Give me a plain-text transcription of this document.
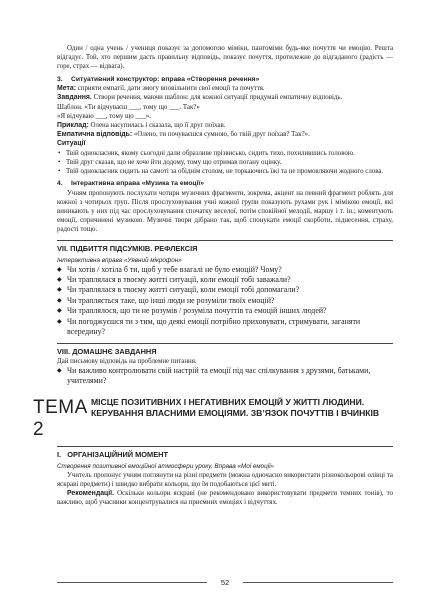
Один / одна учень / учениця показує за допомогою міміки, пантоміми будь-яке почуття чи емоцію. Решта відгадує. Той, хто першим дасть правильну відповідь, показує почуття, протилежне до відгаданого (радість — горе, страх — відвага).

3. Ситуативний конструктор: вправа «Створення речення»

Мета: сприяти емпатії, дати змогу вповільнити свої емоції та почуття.

Завдання. Створи речення, маючи шаблон: для кожної ситуації придумай емпатичну відповідь.

Шаблон. «Ти відчуваєш ___, тому що ___. Так?»

«Я відчуваю ___, тому що ___».

Приклад: Олена насупилась і сказала, що її друг поїхав.

Емпатична відповідь: «Олено, ти почуваєшся сумною, бо твій друг поїхав? Так?».

Ситуації

• Твій однокласник, якому сьогодні дали образливе прізвисько, сидить тихо, похилившись головою.
• Твій друг сказав, що не хоче йти додому, тому що отримав погану оцінку.
• Твій однокласник сидить на самоті за обіднім столом, не торкаючись їжі та не промовляючи жодного слова.
4. Інтерактивна вправа «Музика та емоції»

Учням пропонують послухати чотири музичних фрагменти, зокрема, акцент на певний фрагмент роблять для кожної з чотирьох груп. Після прослуховування учні кожної групи показують рухами рук і мімікою емоції, які виникають у них під час прослуховування спочатку веселої, потім спокійної мелодії, маршу і т. ін.; коментують емоції, спричинені музикою. Музичні твори дібрано так, щоб спонукати емоції скорботи, піднесення, страху, радості тощо.

VII. ПІДБИТТЯ ПІДСУМКІВ. РЕФЛЕКСІЯ
Інтерактивна вправа «Уявний мікрофон»
◆ Чи хотів / хотіла б ти, щоб у тебе взагалі не було емоцій? Чому?
◆ Чи траплялася в твоєму житті ситуації, коли емоції тобі заважали?
◆ Чи траплялася в твоєму житті ситуації, коли емоції тобі допомагали?
◆ Чи трапляється таке, що інші люди не розуміли твоїх емоцій?
◆ Чи траплялося, що ти не розумів / розуміла почуттів та емоцій інших людей?
◆ Чи погоджуєшся ти з тим, що деякі емоції потрібно приховувати, стримувати, заганяти всередину?
VIII. ДОМАШНЄ ЗАВДАННЯ

Дай письмову відповідь на проблемне питання.

◆ Чи важливо контролювати свій настрій та емоції під час спілкування з друзями, батьками, учителями?
ТЕМА 2
МІСЦЕ ПОЗИТИВНИХ І НЕГАТИВНИХ ЕМОЦІЙ У ЖИТТІ ЛЮДИНИ. КЕРУВАННЯ ВЛАСНИМИ ЕМОЦІЯМИ. ЗВ’ЯЗОК ПОЧУТТІВ І ВЧИНКІВ
I.   ОРГАНІЗАЦІЙНИЙ МОМЕНТ
Створення позитивної емоційної атмосфери уроку. Вправа «Мої емоції»

Учитель пропонує учням поглянути на різні предмети (можна одночасно використати різнокольорові олівці та яскраві предмети) і швидко вибрати кольори, що їм подобаються цієї миті.

Рекомендації. Оскільки кольори яскраві (не рекомендовано використовувати предмети темних тонів), то важливо, щоб учасники концентрувалися на приємних емоціях і відчуттях.

52
